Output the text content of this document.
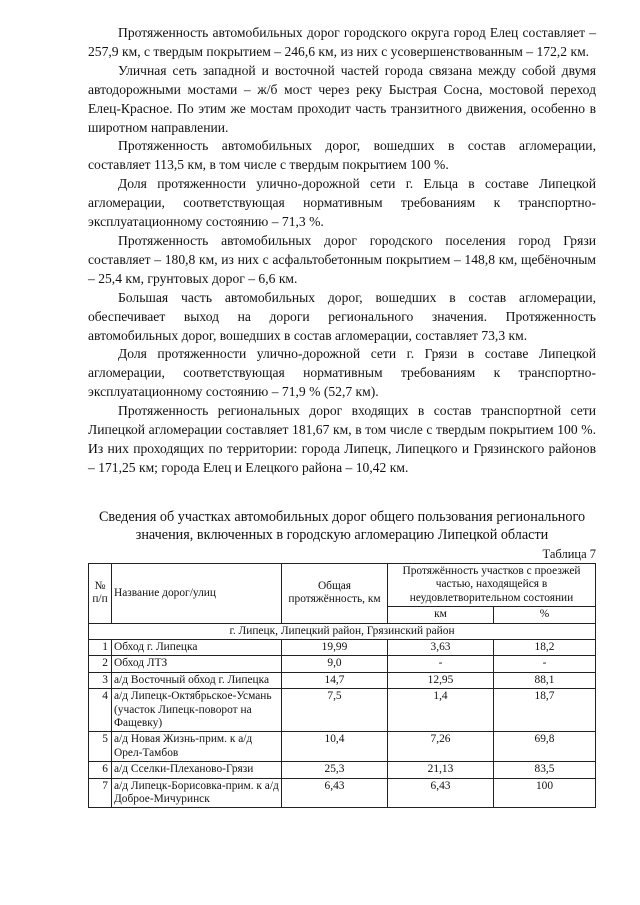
Протяженность автомобильных дорог городского округа город Елец составляет – 257,9 км, с твердым покрытием – 246,6 км, из них с усовершенствованным – 172,2 км.

Уличная сеть западной и восточной частей города связана между собой двумя автодорожными мостами – ж/б мост через реку Быстрая Сосна, мостовой переход Елец-Красное. По этим же мостам проходит часть транзитного движения, особенно в широтном направлении.

Протяженность автомобильных дорог, вошедших в состав агломерации, составляет 113,5 км, в том числе с твердым покрытием 100 %.

Доля протяженности улично-дорожной сети г. Ельца в составе Липецкой агломерации, соответствующая нормативным требованиям к транспортно-эксплуатационному состоянию – 71,3 %.

Протяженность автомобильных дорог городского поселения город Грязи составляет – 180,8 км, из них с асфальтобетонным покрытием – 148,8 км, щебёночным – 25,4 км, грунтовых дорог – 6,6 км.

Большая часть автомобильных дорог, вошедших в состав агломерации, обеспечивает выход на дороги регионального значения. Протяженность автомобильных дорог, вошедших в состав агломерации, составляет 73,3 км.

Доля протяженности улично-дорожной сети г. Грязи в составе Липецкой агломерации, соответствующая нормативным требованиям к транспортно-эксплуатационному состоянию – 71,9 % (52,7 км).

Протяженность региональных дорог входящих в состав транспортной сети Липецкой агломерации составляет 181,67 км, в том числе с твердым покрытием 100 %. Из них проходящих по территории: города Липецк, Липецкого и Грязинского районов – 171,25 км; города Елец и Елецкого района – 10,42 км.

Сведения об участках автомобильных дорог общего пользования регионального значения, включенных в городскую агломерацию Липецкой области
Таблица 7
№ п/п	Название дорог/улиц	Общая протяжённость, км	Протяжённость участков с проезжей частью, находящейся в неудовлетворительном состоянии	
			км	%
г. Липецк, Липецкий район, Грязинский район				
1	Обход г. Липецка	19,99	3,63	18,2
2	Обход ЛТЗ	9,0	-	-
3	а/д Восточный обход г. Липецка	14,7	12,95	88,1
4	а/д Липецк-Октябрьское-Усмань (участок Липецк-поворот на Фащевку)	7,5	1,4	18,7
5	а/д Новая Жизнь-прим. к а/д Орел-Тамбов	10,4	7,26	69,8
6	а/д Сселки-Плеханово-Грязи	25,3	21,13	83,5
7	а/д Липецк-Борисовка-прим. к а/д Доброе-Мичуринск	6,43	6,43	100
